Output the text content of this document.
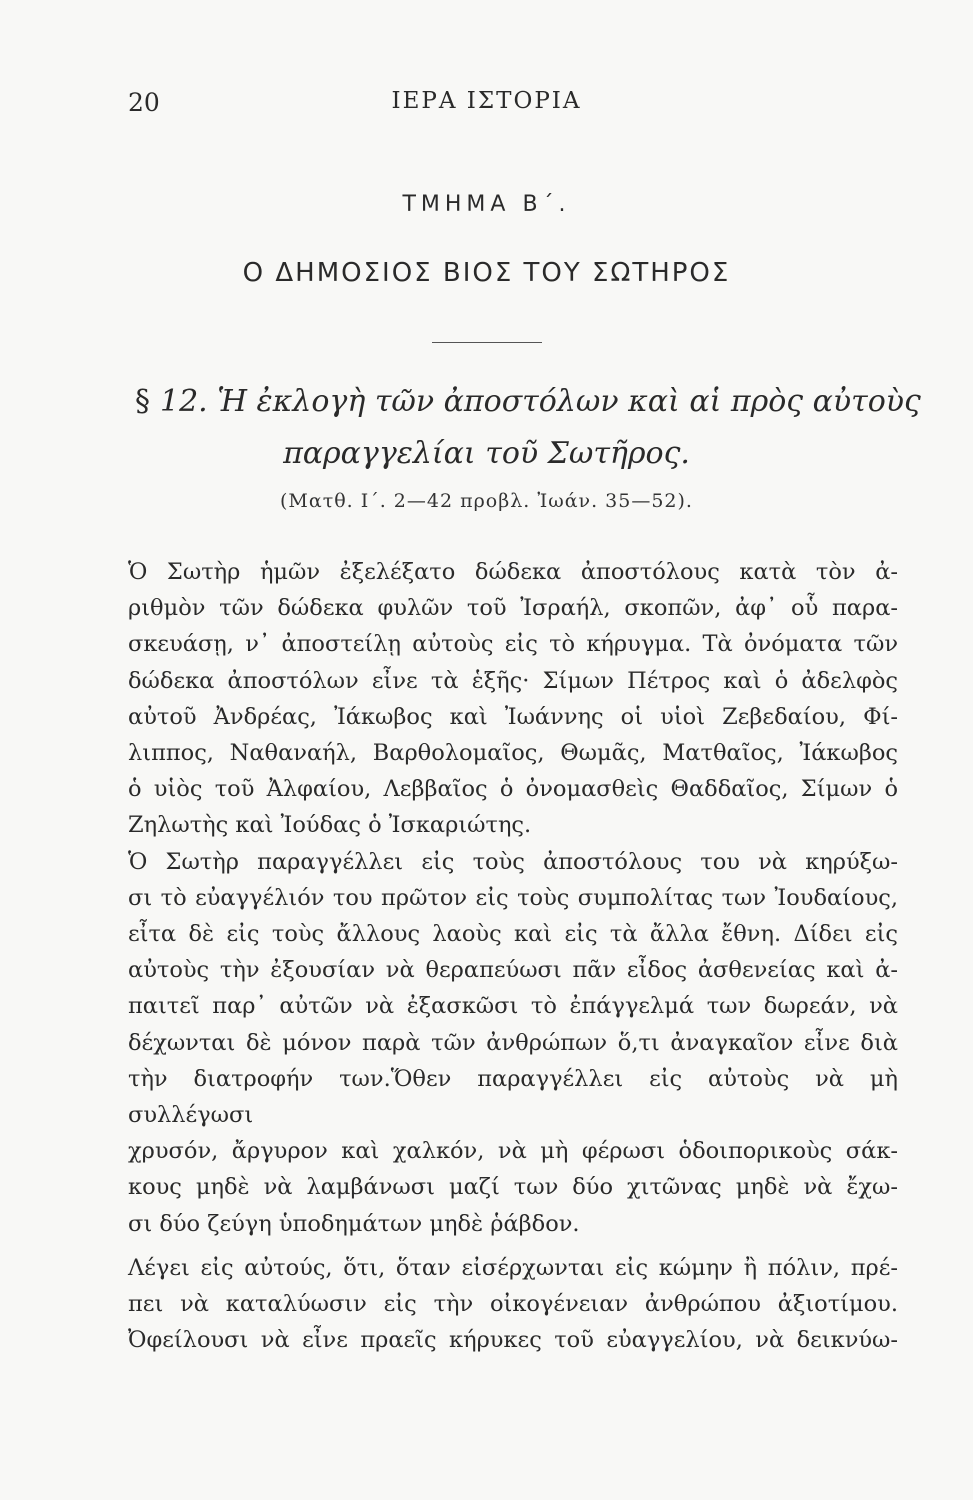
20	ΙΕΡΑ ΙΣΤΟΡΙΑ
ΤΜΗΜΑ Β΄.
Ο ΔΗΜΟΣΙΟΣ ΒΙΟΣ ΤΟΥ ΣΩΤΗΡΟΣ
§ 12. Ἡ ἐκλογὴ τῶν ἀποστόλων καὶ αἱ πρὸς αὐτοὺς
παραγγελίαι τοῦ Σωτῆρος.
(Ματθ. Ι΄. 2—42 προβλ. Ἰωάν. 35—52).
Ὁ Σωτὴρ ἡμῶν ἐξελέξατο δώδεκα ἀποστόλους κατὰ τὸν ἀ-
ριθμὸν τῶν δώδεκα φυλῶν τοῦ Ἰσραήλ, σκοπῶν, ἀφ᾽ οὗ παρα-
σκευάσῃ, ν᾽ ἀποστείλῃ αὐτοὺς εἰς τὸ κήρυγμα. Τὰ ὀνόματα τῶν
δώδεκα ἀποστόλων εἶνε τὰ ἑξῆς· Σίμων Πέτρος καὶ ὁ ἀδελφὸς
αὐτοῦ Ἀνδρέας, Ἰάκωβος καὶ Ἰωάννης οἱ υἱοὶ Ζεβεδαίου, Φί-
λιππος, Ναθαναήλ, Βαρθολομαῖος, Θωμᾶς, Ματθαῖος, Ἰάκωβος
ὁ υἱὸς τοῦ Ἀλφαίου, Λεββαῖος ὁ ὀνομασθεὶς Θαδδαῖος, Σίμων ὁ
Ζηλωτὴς καὶ Ἰούδας ὁ Ἰσκαριώτης.
Ὁ Σωτὴρ παραγγέλλει εἰς τοὺς ἀποστόλους του νὰ κηρύξω-
σι τὸ εὐαγγέλιόν του πρῶτον εἰς τοὺς συμπολίτας των Ἰουδαίους,
εἶτα δὲ εἰς τοὺς ἄλλους λαοὺς καὶ εἰς τὰ ἄλλα ἔθνη. Δίδει εἰς
αὐτοὺς τὴν ἐξουσίαν νὰ θεραπεύωσι πᾶν εἶδος ἀσθενείας καὶ ἀ-
παιτεῖ παρ᾽ αὐτῶν νὰ ἐξασκῶσι τὸ ἐπάγγελμά των δωρεάν, νὰ
δέχωνται δὲ μόνον παρὰ τῶν ἀνθρώπων ὅ,τι ἀναγκαῖον εἶνε διὰ
τὴν διατροφήν των.Ὅθεν παραγγέλλει εἰς αὐτοὺς νὰ μὴ συλλέγωσι
χρυσόν, ἄργυρον καὶ χαλκόν, νὰ μὴ φέρωσι ὁδοιπορικοὺς σάκ-
κους μηδὲ νὰ λαμβάνωσι μαζί των δύο χιτῶνας μηδὲ νὰ ἔχω-
σι δύο ζεύγη ὑποδημάτων μηδὲ ῥάβδον.
Λέγει εἰς αὐτούς, ὅτι, ὅταν εἰσέρχωνται εἰς κώμην ἢ πόλιν, πρέ-
πει νὰ καταλύωσιν εἰς τὴν οἰκογένειαν ἀνθρώπου ἀξιοτίμου.
Ὀφείλουσι νὰ εἶνε πραεῖς κήρυκες τοῦ εὐαγγελίου, νὰ δεικνύω-
